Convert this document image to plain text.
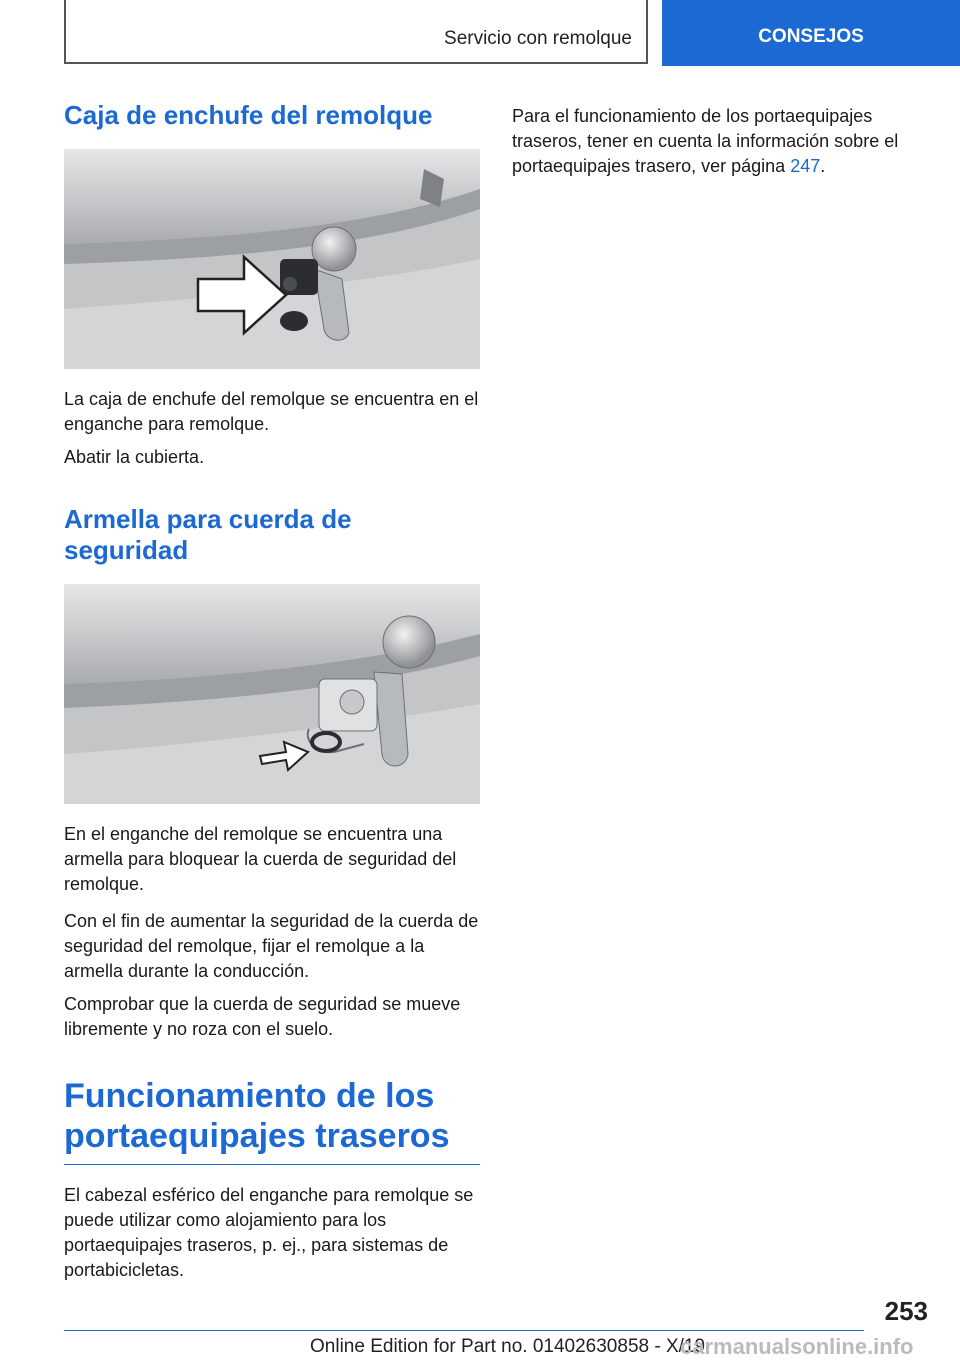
Servicio con remolque	CONSEJOS
Caja de enchufe del remolque

La caja de enchufe del remolque se encuentra en el enganche para remolque.

Abatir la cubierta.

Armella para cuerda de seguridad

En el enganche del remolque se encuentra una armella para bloquear la cuerda de seguridad del remolque.

Con el fin de aumentar la seguridad de la cuerda de seguridad del remolque, fijar el remolque a la armella durante la conducción.

Comprobar que la cuerda de seguridad se mueve libremente y no roza con el suelo.

Funcionamiento de los portaequipajes traseros

El cabezal esférico del enganche para remolque se puede utilizar como alojamiento para los portaequipajes traseros, p. ej., para sistemas de portabicicletas.

Para el funcionamiento de los portaequipajes traseros, tener en cuenta la información sobre el portaequipajes trasero, ver página 247.

253
Online Edition for Part no. 01402630858 - X/19
carmanualsonline.info
